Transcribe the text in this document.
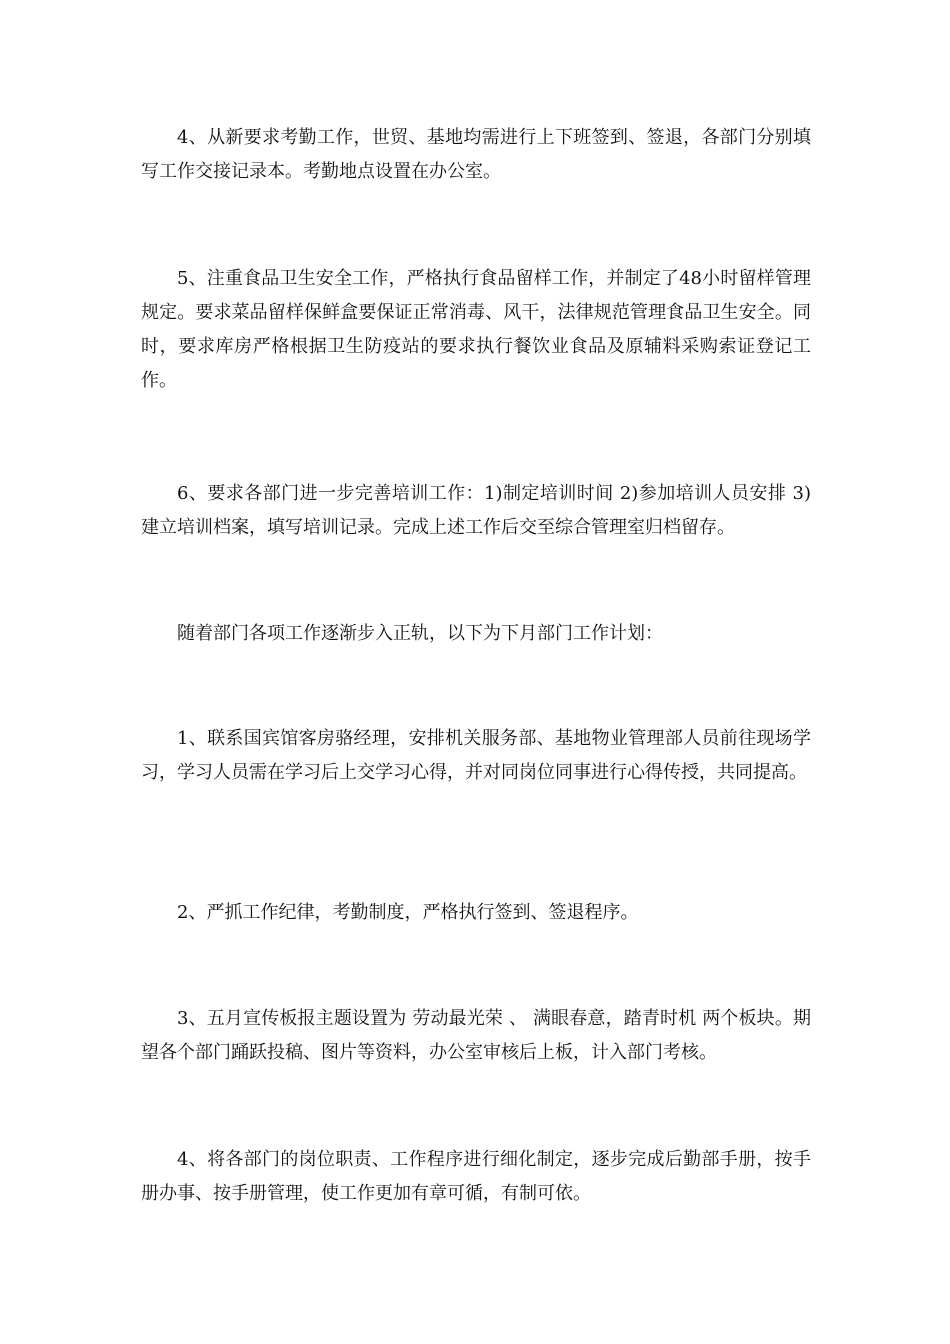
4、从新要求考勤工作，世贸、基地均需进行上下班签到、签退，各部门分别填写工作交接记录本。考勤地点设置在办公室。

5、注重食品卫生安全工作，严格执行食品留样工作，并制定了48小时留样管理规定。要求菜品留样保鲜盒要保证正常消毒、风干，法律规范管理食品卫生安全。同时，要求库房严格根据卫生防疫站的要求执行餐饮业食品及原辅料采购索证登记工作。

6、要求各部门进一步完善培训工作：1)制定培训时间 2)参加培训人员安排 3)建立培训档案，填写培训记录。完成上述工作后交至综合管理室归档留存。

随着部门各项工作逐渐步入正轨，以下为下月部门工作计划：

1、联系国宾馆客房骆经理，安排机关服务部、基地物业管理部人员前往现场学习，学习人员需在学习后上交学习心得，并对同岗位同事进行心得传授，共同提高。

2、严抓工作纪律，考勤制度，严格执行签到、签退程序。

3、五月宣传板报主题设置为 劳动最光荣 、 满眼春意，踏青时机 两个板块。期望各个部门踊跃投稿、图片等资料，办公室审核后上板，计入部门考核。

4、将各部门的岗位职责、工作程序进行细化制定，逐步完成后勤部手册，按手册办事、按手册管理，使工作更加有章可循，有制可依。
